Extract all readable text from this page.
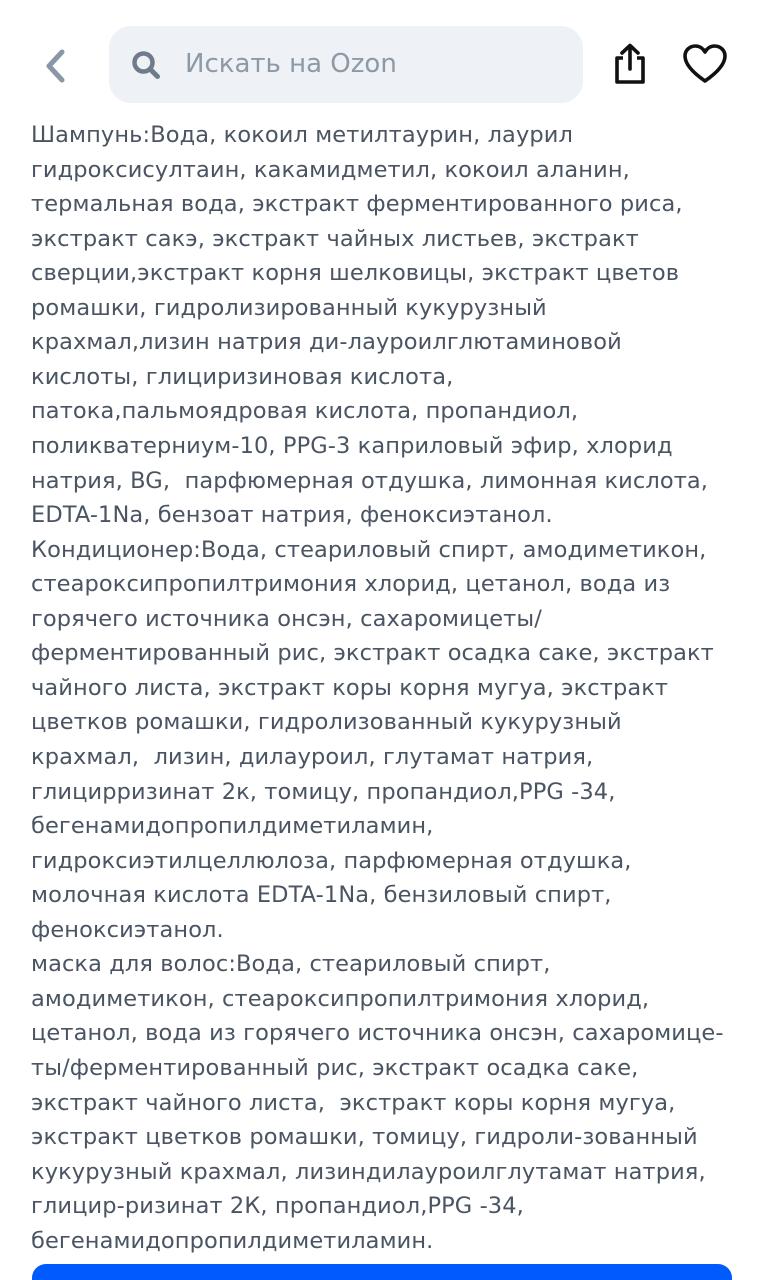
Искать на Ozon
Шампунь:Вода, кокоил метилтаурин, лаурил
гидроксисултаин, какамидметил, кокоил аланин,
термальная вода, экстракт ферментированного риса,
экстракт сакэ, экстракт чайных листьев, экстракт
сверции,экстракт корня шелковицы, экстракт цветов
ромашки, гидролизированный кукурузный
крахмал,лизин натрия ди-лауроилглютаминовой
кислоты, глициризиновая кислота,
патока,пальмоядровая кислота, пропандиол,
поликватерниум-10, PPG-3 каприловый эфир, хлорид
натрия, BG,  парфюмерная отдушка, лимонная кислота,
EDTA-1Na, бензоат натрия, феноксиэтанол.
Кондиционер:Вода, стеариловый спирт, амодиметикон,
стеароксипропилтримония хлорид, цетанол, вода из
горячего источника онсэн, сахаромицеты/
ферментированный рис, экстракт осадка саке, экстракт
чайного листа, экстракт коры корня мугуа, экстракт
цветков ромашки, гидролизованный кукурузный
крахмал,  лизин, дилауроил, глутамат натрия,
глицирризинат 2к, томицу, пропандиол,PPG -34,
бегенамидопропилдиметиламин,
гидроксиэтилцеллюлоза, парфюмерная отдушка,
молочная кислота EDTA-1Na, бензиловый спирт,
феноксиэтанол.
маска для волос:Вода, стеариловый спирт,
амодиметикон, стеароксипропилтримония хлорид,
цетанол, вода из горячего источника онсэн, сахаромице-
ты/ферментированный рис, экстракт осадка саке,
экстракт чайного листа,  экстракт коры корня мугуа,
экстракт цветков ромашки, томицу, гидроли-зованный
кукурузный крахмал, лизиндилауроилглутамат натрия,
глицир-ризинат 2К, пропандиол,PPG -34,
бегенамидопропилдиметиламин.
